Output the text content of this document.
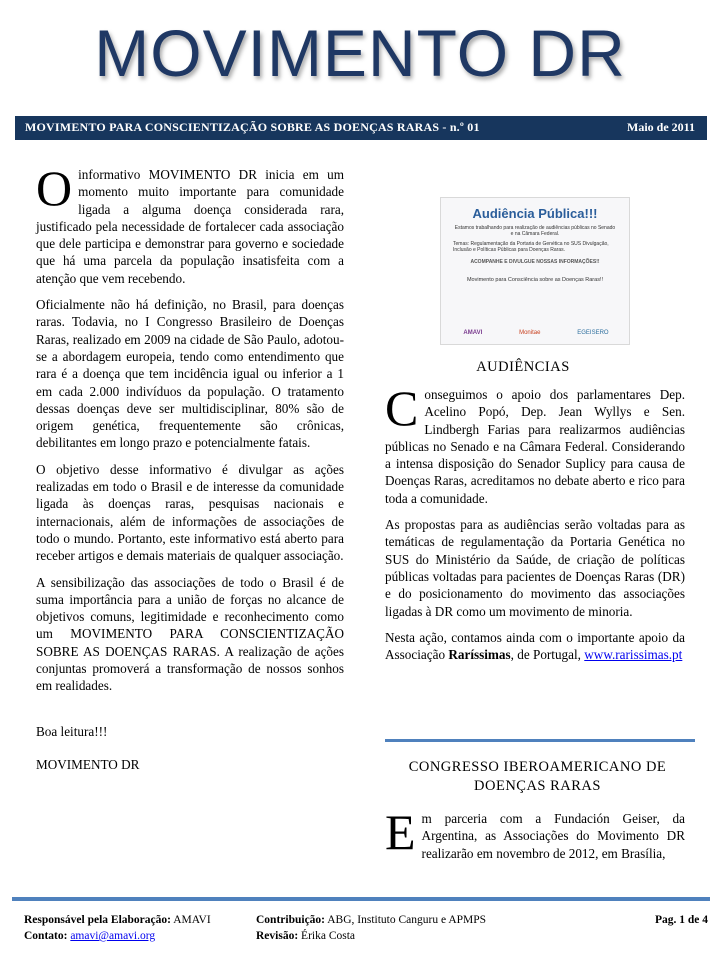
MOVIMENTO DR
MOVIMENTO PARA CONSCIENTIZAÇÃO SOBRE AS DOENÇAS RARAS - n.º 01	Maio de 2011

Oinformativo MOVIMENTO DR inicia em um momento muito importante para comunidade ligada a alguma doença considerada rara, justificado pela necessidade de fortalecer cada associação que dele participa e demonstrar para governo e sociedade que há uma parcela da população insatisfeita com a atenção que vem recebendo.

Oficialmente não há definição, no Brasil, para doenças raras. Todavia, no I Congresso Brasileiro de Doenças Raras, realizado em 2009 na cidade de São Paulo, adotou-se a abordagem europeia, tendo como entendimento que rara é a doença que tem incidência igual ou inferior a 1 em cada 2.000 indivíduos da população. O tratamento dessas doenças deve ser multidisciplinar, 80% são de origem genética, frequentemente são crônicas, debilitantes em longo prazo e potencialmente fatais.

O objetivo desse informativo é divulgar as ações realizadas em todo o Brasil e de interesse da comunidade ligada às doenças raras, pesquisas nacionais e internacionais, além de informações de associações de todo o mundo. Portanto, este informativo está aberto para receber artigos e demais materiais de qualquer associação.

A sensibilização das associações de todo o Brasil é de suma importância para a união de forças no alcance de objetivos comuns, legitimidade e reconhecimento como um MOVIMENTO PARA CONSCIENTIZAÇÃO SOBRE AS DOENÇAS RARAS. A realização de ações conjuntas promoverá a transformação de nossos sonhos em realidades.

Boa leitura!!!

MOVIMENTO DR

Audiência Pública!!!
Estamos trabalhando para realização de audiências públicas no Senado e na Câmara Federal.
Temas: Regulamentação da Portaria de Genética no SUS Divulgação, Inclusão e Políticas Públicas para Doenças Raras.
ACOMPANHE E DIVULGUE NOSSAS INFORMAÇÕES!!
Movimento para Consciência sobre as Doenças Raras!!
AMAVI	Monitae	EGEISERO
AUDIÊNCIAS

Conseguimos o apoio dos parlamentares Dep. Acelino Popó, Dep. Jean Wyllys e Sen. Lindbergh Farias para realizarmos audiências públicas no Senado e na Câmara Federal. Considerando a intensa disposição do Senador Suplicy para causa de Doenças Raras, acreditamos no debate aberto e rico para toda a comunidade.

As propostas para as audiências serão voltadas para as temáticas de regulamentação da Portaria Genética no SUS do Ministério da Saúde, de criação de políticas públicas voltadas para pacientes de Doenças Raras (DR) e do posicionamento do movimento das associações ligadas à DR como um movimento de minoria.

Nesta ação, contamos ainda com o importante apoio da Associação Raríssimas, de Portugal, www.rarissimas.pt

CONGRESSO IBEROAMERICANO DE
DOENÇAS RARAS

Em parceria com a Fundación Geiser, da Argentina, as Associações do Movimento DR realizarão em novembro de 2012, em Brasília,

Responsável pela Elaboração: AMAVI
Contato: amavi@amavi.org
Contribuição: ABG, Instituto Canguru e APMPS
Revisão: Érika Costa
Pag. 1 de 4
